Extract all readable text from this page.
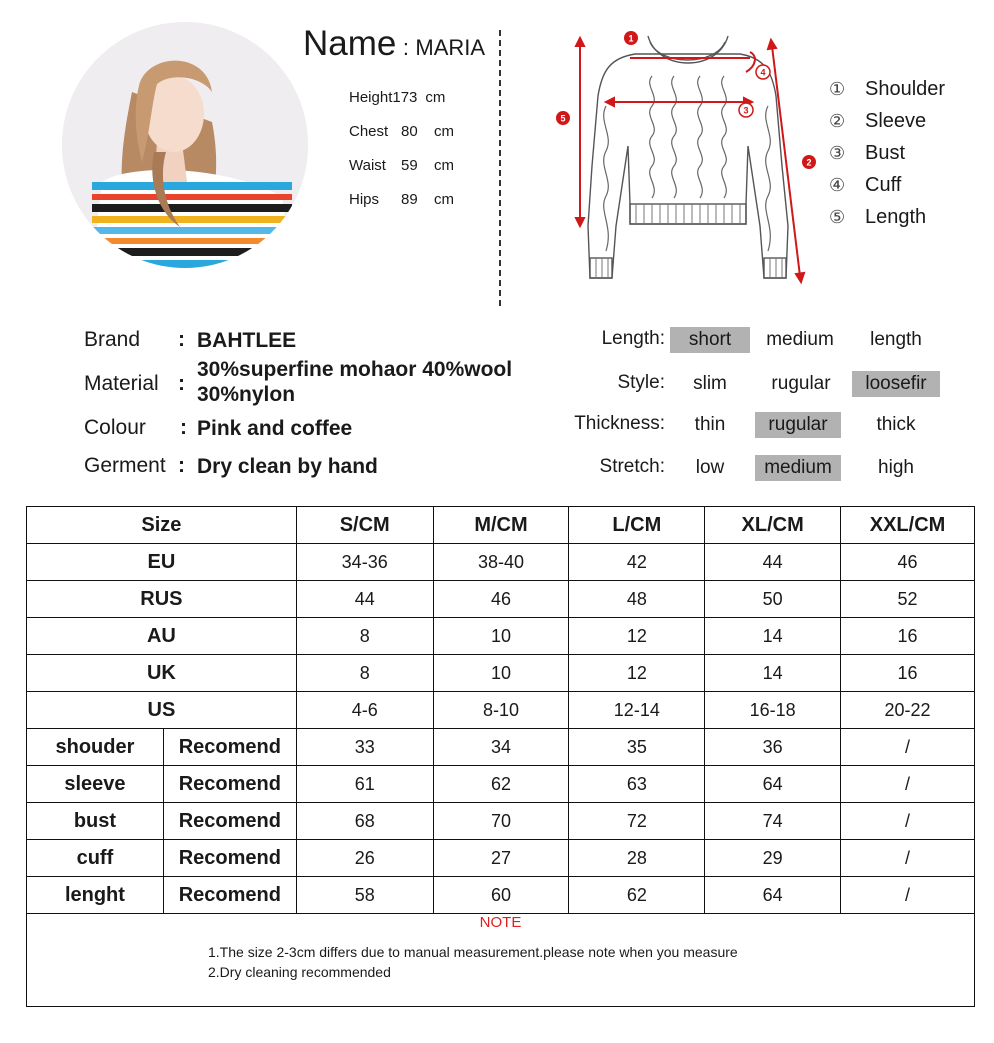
Name : MARIA
Height 173 cm
Chest 80	cm
Waist	59	cm
Hips	89	cm
1
2
3
4
5
① Shoulder
② Sleeve
③ Bust
④ Cuff
⑤ Length
Brand : BAHTLEE
Material :
30%superfine mohaor 40%wool 30%nylon
Colour : Pink and coffee
Germent : Dry clean by hand
Length:	short	medium	length
Style:	slim	rugular	loosefir
Thickness:	thin	rugular	thick
Stretch:	low	medium	high
Size		S/CM	M/CM	L/CM	XL/CM	XXL/CM
EU		34-36	38-40	42	44	46
RUS		44	46	48	50	52
AU		8	10	12	14	16
UK		8	10	12	14	16
US		4-6	8-10	12-14	16-18	20-22
shouder	Recomend	33	34	35	36	/
sleeve	Recomend	61	62	63	64	/
bust	Recomend	68	70	72	74	/
cuff	Recomend	26	27	28	29	/
lenght	Recomend	58	60	62	64	/
NOTE
1.The size 2-3cm differs due to manual measurement.please note when you measure
2.Dry cleaning recommended
